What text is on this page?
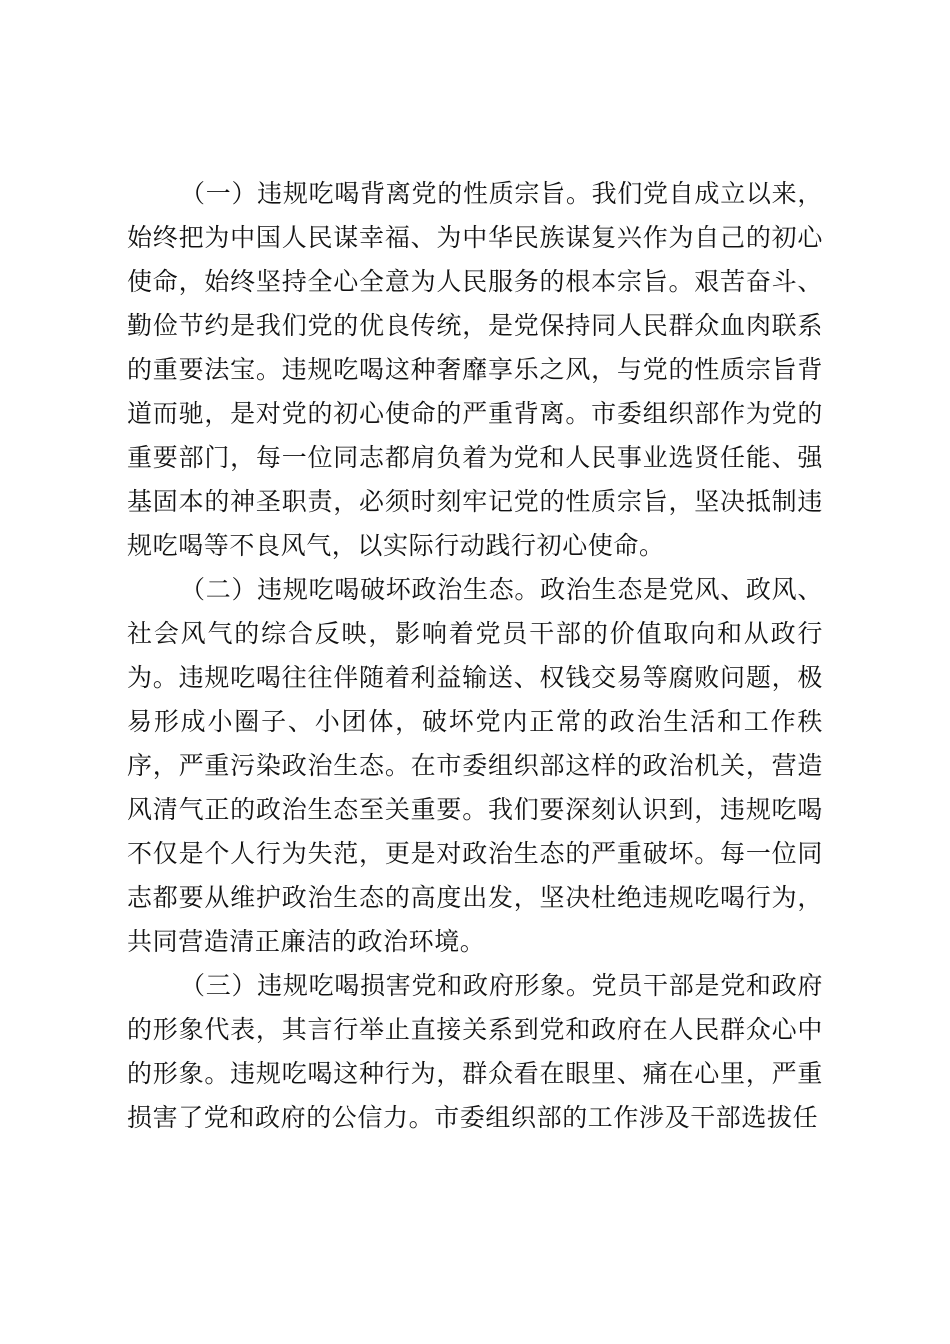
（一）违规吃喝背离党的性质宗旨。我们党自成立以来，始终把为中国人民谋幸福、为中华民族谋复兴作为自己的初心使命，始终坚持全心全意为人民服务的根本宗旨。艰苦奋斗、勤俭节约是我们党的优良传统，是党保持同人民群众血肉联系的重要法宝。违规吃喝这种奢靡享乐之风，与党的性质宗旨背道而驰，是对党的初心使命的严重背离。市委组织部作为党的重要部门，每一位同志都肩负着为党和人民事业选贤任能、强基固本的神圣职责，必须时刻牢记党的性质宗旨，坚决抵制违规吃喝等不良风气，以实际行动践行初心使命。

（二）违规吃喝破坏政治生态。政治生态是党风、政风、社会风气的综合反映，影响着党员干部的价值取向和从政行为。违规吃喝往往伴随着利益输送、权钱交易等腐败问题，极易形成小圈子、小团体，破坏党内正常的政治生活和工作秩序，严重污染政治生态。在市委组织部这样的政治机关，营造风清气正的政治生态至关重要。我们要深刻认识到，违规吃喝不仅是个人行为失范，更是对政治生态的严重破坏。每一位同志都要从维护政治生态的高度出发，坚决杜绝违规吃喝行为，共同营造清正廉洁的政治环境。

（三）违规吃喝损害党和政府形象。党员干部是党和政府的形象代表，其言行举止直接关系到党和政府在人民群众心中的形象。违规吃喝这种行为，群众看在眼里、痛在心里，严重损害了党和政府的公信力。市委组织部的工作涉及干部选拔任
